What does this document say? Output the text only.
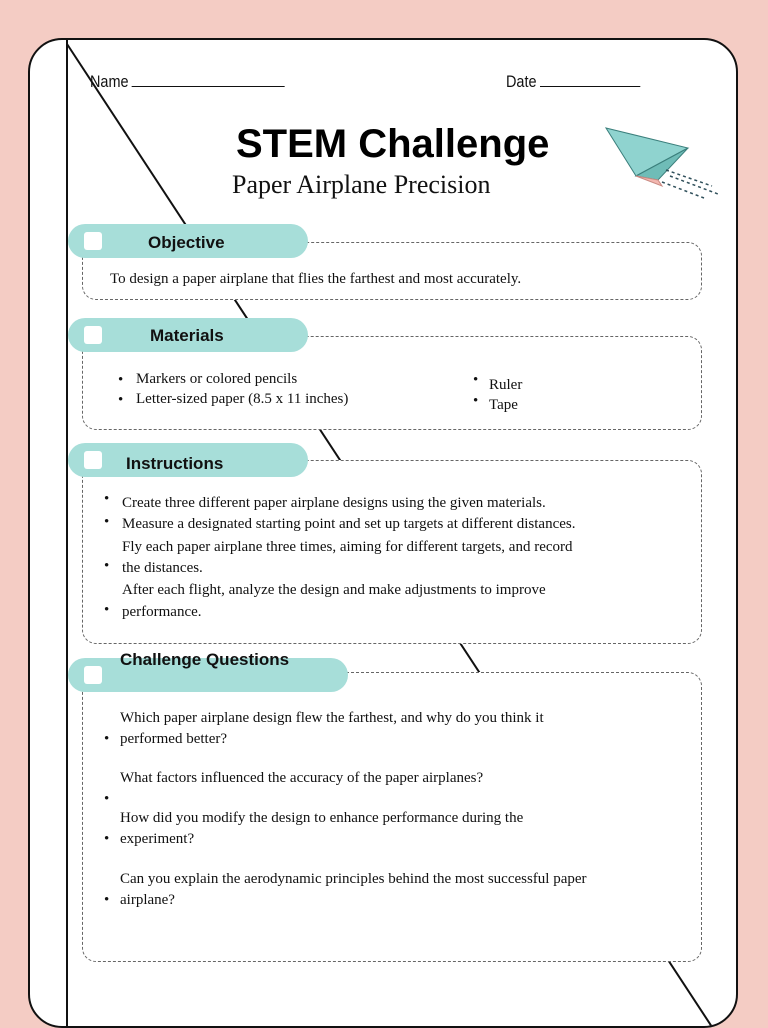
Name	Date
STEM Challenge
Paper Airplane Precision
Objective
To design a paper airplane that flies the farthest and most accurately.
Materials
• Markers or colored pencils
• Letter-sized paper (8.5 x 11 inches)
• Ruler
• Tape
Instructions
• Create three different paper airplane designs using the given materials.
• Measure a designated starting point and set up targets at different distances.
Fly each paper airplane three times, aiming for different targets, and record
• the distances.
After each flight, analyze the design and make adjustments to improve
• performance.
Challenge Questions
Which paper airplane design flew the farthest, and why do you think it
• performed better?
What factors influenced the accuracy of the paper airplanes?
•
How did you modify the design to enhance performance during the
• experiment?
Can you explain the aerodynamic principles behind the most successful paper
• airplane?
